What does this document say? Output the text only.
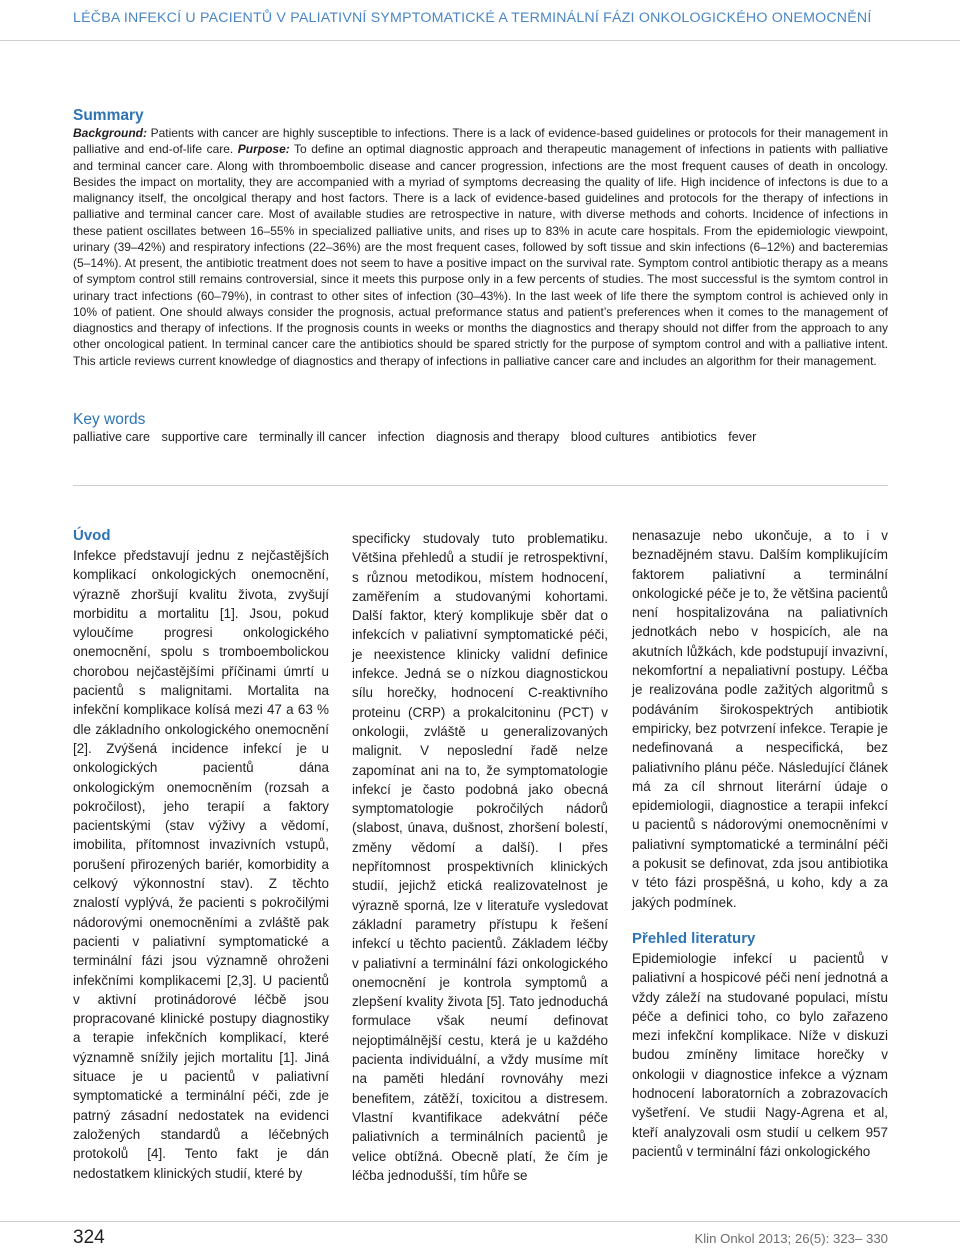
LÉČBA INFEKCÍ U PACIENTŮ V PALIATIVNÍ SYMPTOMATICKÉ A TERMINÁLNÍ FÁZI ONKOLOGICKÉHO ONEMOCNĚNÍ
Summary

Background: Patients with cancer are highly susceptible to infections. There is a lack of evidence-based guidelines or protocols for their management in palliative and end-of-life care. Purpose: To define an optimal diagnostic approach and therapeutic management of infections in patients with palliative and terminal cancer care. Along with thromboembolic disease and cancer progression, infections are the most frequent causes of death in oncology. Besides the impact on mortality, they are accompanied with a myriad of symptoms decreasing the quality of life. High incidence of infectons is due to a malignancy itself, the oncolgical therapy and host factors. There is a lack of evidence-based guidelines and protocols for the therapy of infections in palliative and terminal cancer care. Most of available studies are retrospective in nature, with diverse methods and cohorts. Incidence of infections in these patient oscillates between 16–55% in specialized palliative units, and rises up to 83% in acute care hospitals. From the epidemiologic viewpoint, urinary (39–42%) and respiratory infections (22–36%) are the most frequent cases, followed by soft tissue and skin infections (6–12%) and bacteremias (5–14%). At present, the antibiotic treatment does not seem to have a positive impact on the survival rate. Symptom control antibiotic therapy as a means of symptom control still remains controversial, since it meets this purpose only in a few percents of studies. The most successful is the symtom control in urinary tract infections (60–79%), in contrast to other sites of infection (30–43%). In the last week of life there the symptom control is achieved only in 10% of patient. One should always consider the prognosis, actual preformance status and patient’s preferences when it comes to the management of diagnostics and therapy of infections. If the prognosis counts in weeks or months the diagnostics and therapy should not differ from the approach to any other oncological patient. In terminal cancer care the antibiotics should be spared strictly for the purpose of symptom control and with a palliative intent. This article reviews current knowledge of diagnostics and therapy of infections in palliative cancer care and includes an algorithm for their management.

Key words
palliative care supportive care terminally ill cancer infection diagnosis and therapy blood cultures antibiotics fever
Úvod

Infekce představují jednu z nejčastějších komplikací onkologických onemocnění, výrazně zhoršují kvalitu života, zvyšují morbiditu a mortalitu [1]. Jsou, pokud vyloučíme progresi onkologického onemocnění, spolu s tromboembolickou chorobou nejčastějšími příčinami úmrtí u pacientů s malignitami. Mortalita na infekční komplikace kolísá mezi 47 a 63 % dle základního onkologického onemocnění [2]. Zvýšená incidence infekcí je u onkologických pacientů dána onkologickým onemocněním (rozsah a pokročilost), jeho terapií a faktory pacientskými (stav výživy a vědomí, imobilita, přítomnost invazivních vstupů, porušení přirozených bariér, komorbidity a celkový výkonnostní stav). Z těchto znalostí vyplývá, že pacienti s pokročilými nádorovými onemocněními a zvláště pak pacienti v paliativní symptomatické a terminální fázi jsou významně ohroženi infekčními komplikacemi [2,3]. U pacientů v aktivní protinádorové léčbě jsou propracované klinické postupy diagnostiky a terapie infekčních komplikací, které významně snížily jejich mortalitu [1]. Jiná situace je u pacientů v paliativní symptomatické a terminální péči, zde je patrný zásadní nedostatek na evidenci založených standardů a léčebných protokolů [4]. Tento fakt je dán nedostatkem klinických studií, které by

specificky studovaly tuto problematiku. Většina přehledů a studií je retrospektivní, s různou metodikou, místem hodnocení, zaměřením a studovanými kohortami. Další faktor, který komplikuje sběr dat o infekcích v paliativní symptomatické péči, je neexistence klinicky validní definice infekce. Jedná se o nízkou diagnostickou sílu horečky, hodnocení C-reaktivního proteinu (CRP) a prokalcitoninu (PCT) v onkologii, zvláště u generalizovaných malignit. V neposlední řadě nelze zapomínat ani na to, že symptomatologie infekcí je často podobná jako obecná symptomatologie pokročilých nádorů (slabost, únava, dušnost, zhoršení bolestí, změny vědomí a další). I přes nepřítomnost prospektivních klinických studií, jejichž etická realizovatelnost je výrazně sporná, lze v literatuře vysledovat základní parametry přístupu k řešení infekcí u těchto pacientů. Základem léčby v paliativní a terminální fázi onkologického onemocnění je kontrola symptomů a zlepšení kvality života [5]. Tato jednoduchá formulace však neumí definovat nejoptimálnější cestu, která je u každého pacienta individuální, a vždy musíme mít na paměti hledání rovnováhy mezi benefitem, zátěží, toxicitou a distresem. Vlastní kvantifikace adekvátní péče paliativních a terminálních pacientů je velice obtížná. Obecně platí, že čím je léčba jednodušší, tím hůře se

nenasazuje nebo ukončuje, a to i v beznadějném stavu. Dalším komplikujícím faktorem paliativní a terminální onkologické péče je to, že většina pacientů není hospitalizována na paliativních jednotkách nebo v hospicích, ale na akutních lůžkách, kde podstupují invazivní, nekomfortní a nepaliativní postupy. Léčba je realizována podle zažitých algoritmů s podáváním širokospektrých antibiotik empiricky, bez potvrzení infekce. Terapie je nedefinovaná a nespecifická, bez paliativního plánu péče. Následující článek má za cíl shrnout literární údaje o epidemiologii, diagnostice a terapii infekcí u pacientů s nádorovými onemocněními v paliativní symptomatické a terminální péči a pokusit se definovat, zda jsou antibiotika v této fázi prospěšná, u koho, kdy a za jakých podmínek.

Přehled literatury

Epidemiologie infekcí u pacientů v paliativní a hospicové péči není jednotná a vždy záleží na studované populaci, místu péče a definici toho, co bylo zařazeno mezi infekční komplikace. Níže v diskuzi budou zmíněny limitace horečky v onkologii v diagnostice infekce a význam hodnocení laboratorních a zobrazovacích vyšetření. Ve studii Nagy-Agrena et al, kteří analyzovali osm studií u celkem 957 pacientů v terminální fázi onkologického

324	Klin Onkol 2013; 26(5): 323– 330
